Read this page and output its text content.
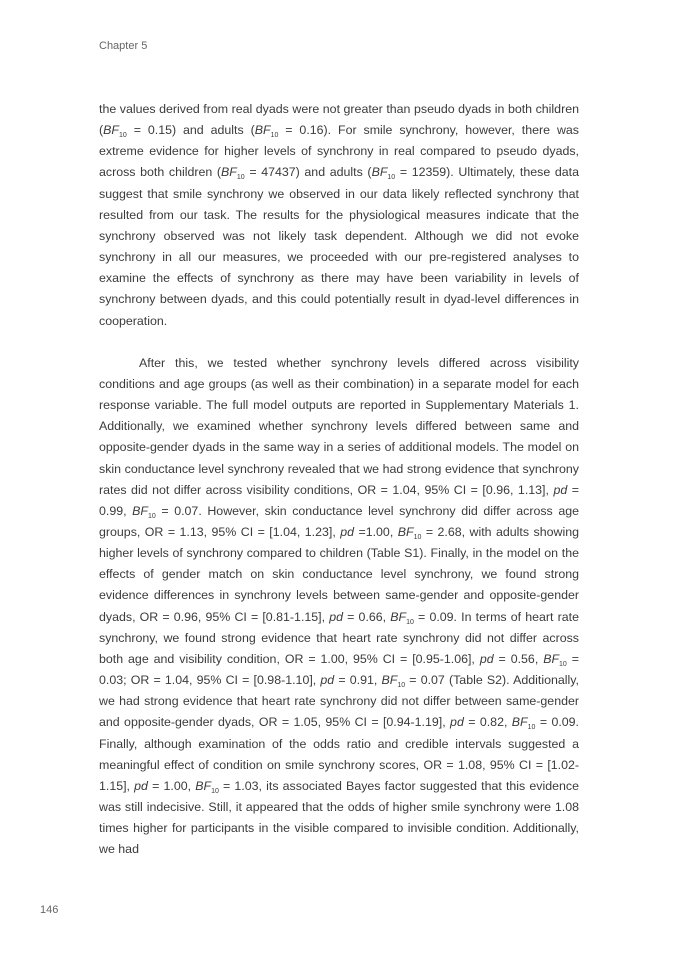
Chapter 5

the values derived from real dyads were not greater than pseudo dyads in both children $(BF_{10} = 0.15)$ and adults $(BF_{10} = 0.16)$. For smile synchrony, however, there was extreme evidence for higher levels of synchrony in real compared to pseudo dyads, across both children $(BF_{10} = 47437)$ and adults $(BF_{10} = 12359)$. Ultimately, these data suggest that smile synchrony we observed in our data likely reflected synchrony that resulted from our task. The results for the physiological measures indicate that the synchrony observed was not likely task dependent. Although we did not evoke synchrony in all our measures, we proceeded with our pre-registered analyses to examine the effects of synchrony as there may have been variability in levels of synchrony between dyads, and this could potentially result in dyad-level differences in cooperation.

After this, we tested whether synchrony levels differed across visibility conditions and age groups (as well as their combination) in a separate model for each response variable. The full model outputs are reported in Supplementary Materials 1. Additionally, we examined whether synchrony levels differed between same and opposite-gender dyads in the same way in a series of additional models. The model on skin conductance level synchrony revealed that we had strong evidence that synchrony rates did not differ across visibility conditions, OR = 1.04, 95% CI = [0.96, 1.13], pd = 0.99, $BF_{10} = 0.07$. However, skin conductance level synchrony did differ across age groups, OR = 1.13, 95% CI = [1.04, 1.23], pd =1.00, $BF_{10} = 2.68$, with adults showing higher levels of synchrony compared to children (Table S1). Finally, in the model on the effects of gender match on skin conductance level synchrony, we found strong evidence differences in synchrony levels between same-gender and opposite-gender dyads, OR = 0.96, 95% CI = [0.81-1.15], pd = 0.66, $BF_{10} = 0.09$. In terms of heart rate synchrony, we found strong evidence that heart rate synchrony did not differ across both age and visibility condition, OR = 1.00, 95% CI = [0.95-1.06], pd = 0.56, $BF_{10} = 0.03$; OR = 1.04, 95% CI = [0.98-1.10], pd = 0.91, $BF_{10} = 0.07$ (Table S2). Additionally, we had strong evidence that heart rate synchrony did not differ between same-gender and opposite-gender dyads, OR = 1.05, 95% CI = [0.94-1.19], pd = 0.82, $BF_{10} = 0.09$. Finally, although examination of the odds ratio and credible intervals suggested a meaningful effect of condition on smile synchrony scores, OR = 1.08, 95% CI = [1.02-1.15], pd = 1.00, $BF_{10} = 1.03$, its associated Bayes factor suggested that this evidence was still indecisive. Still, it appeared that the odds of higher smile synchrony were 1.08 times higher for participants in the visible compared to invisible condition. Additionally, we had

146
